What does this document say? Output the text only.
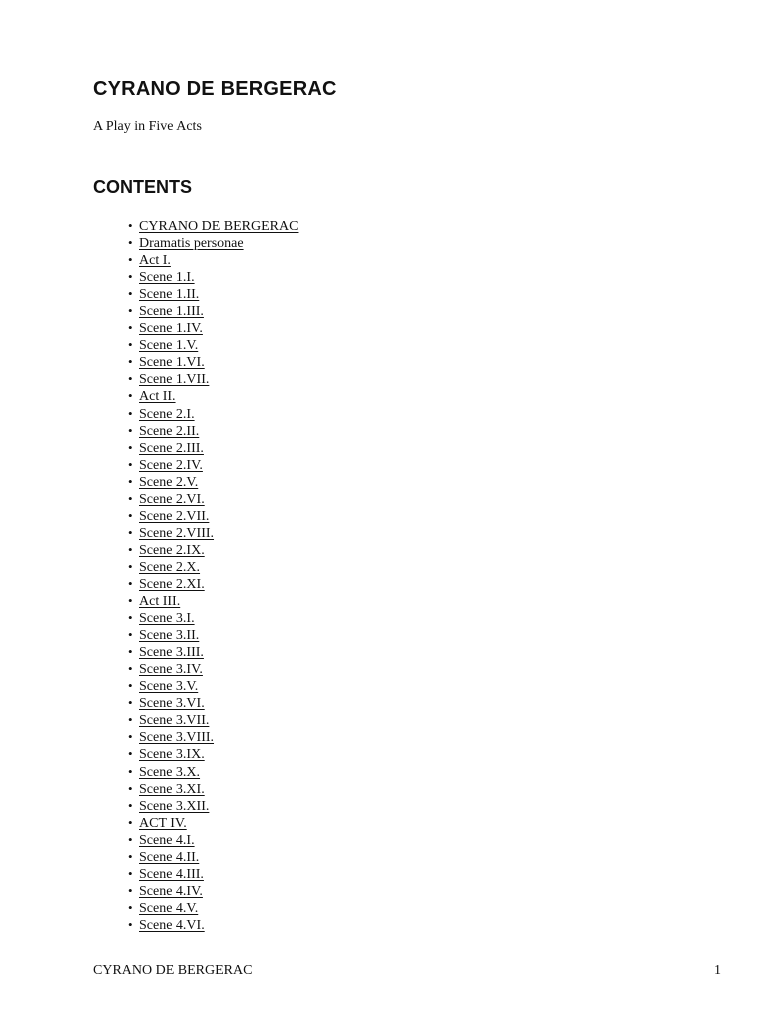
CYRANO DE BERGERAC

A Play in Five Acts

CONTENTS
• CYRANO DE BERGERAC
• Dramatis personae
• Act I.
• Scene 1.I.
• Scene 1.II.
• Scene 1.III.
• Scene 1.IV.
• Scene 1.V.
• Scene 1.VI.
• Scene 1.VII.
• Act II.
• Scene 2.I.
• Scene 2.II.
• Scene 2.III.
• Scene 2.IV.
• Scene 2.V.
• Scene 2.VI.
• Scene 2.VII.
• Scene 2.VIII.
• Scene 2.IX.
• Scene 2.X.
• Scene 2.XI.
• Act III.
• Scene 3.I.
• Scene 3.II.
• Scene 3.III.
• Scene 3.IV.
• Scene 3.V.
• Scene 3.VI.
• Scene 3.VII.
• Scene 3.VIII.
• Scene 3.IX.
• Scene 3.X.
• Scene 3.XI.
• Scene 3.XII.
• ACT IV.
• Scene 4.I.
• Scene 4.II.
• Scene 4.III.
• Scene 4.IV.
• Scene 4.V.
• Scene 4.VI.

CYRANO DE BERGERAC	1
